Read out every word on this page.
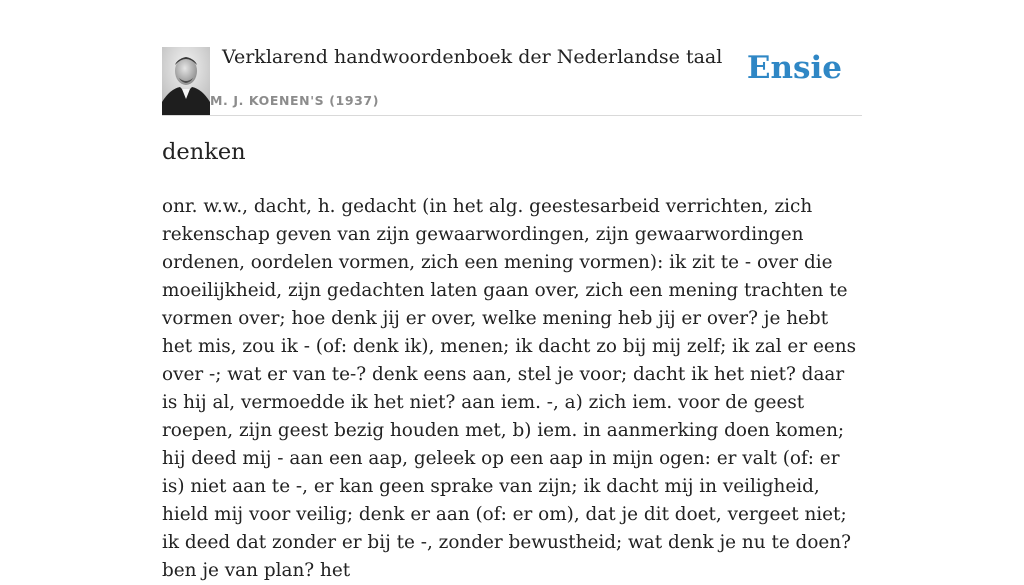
Verklarend handwoordenboek der Nederlandse taal
M. J. KOENEN'S (1937)
Ensie
denken

onr. w.w., dacht, h. gedacht (in het alg. geestesarbeid verrichten, zich rekenschap geven van zijn gewaarwordingen, zijn gewaarwordingen ordenen, oordelen vormen, zich een mening vormen): ik zit te - over die moeilijkheid, zijn gedachten laten gaan over, zich een mening trachten te vormen over; hoe denk jij er over, welke mening heb jij er over? je hebt het mis, zou ik - (of: denk ik), menen; ik dacht zo bij mij zelf; ik zal er eens over -; wat er van te-? denk eens aan, stel je voor; dacht ik het niet? daar is hij al, vermoedde ik het niet? aan iem. -, a) zich iem. voor de geest roepen, zijn geest bezig houden met, b) iem. in aanmerking doen komen; hij deed mij - aan een aap, geleek op een aap in mijn ogen: er valt (of: er is) niet aan te -, er kan geen sprake van zijn; ik dacht mij in veiligheid, hield mij voor veilig; denk er aan (of: er om), dat je dit doet, vergeet niet; ik deed dat zonder er bij te -, zonder bewustheid; wat denk je nu te doen? ben je van plan? het
